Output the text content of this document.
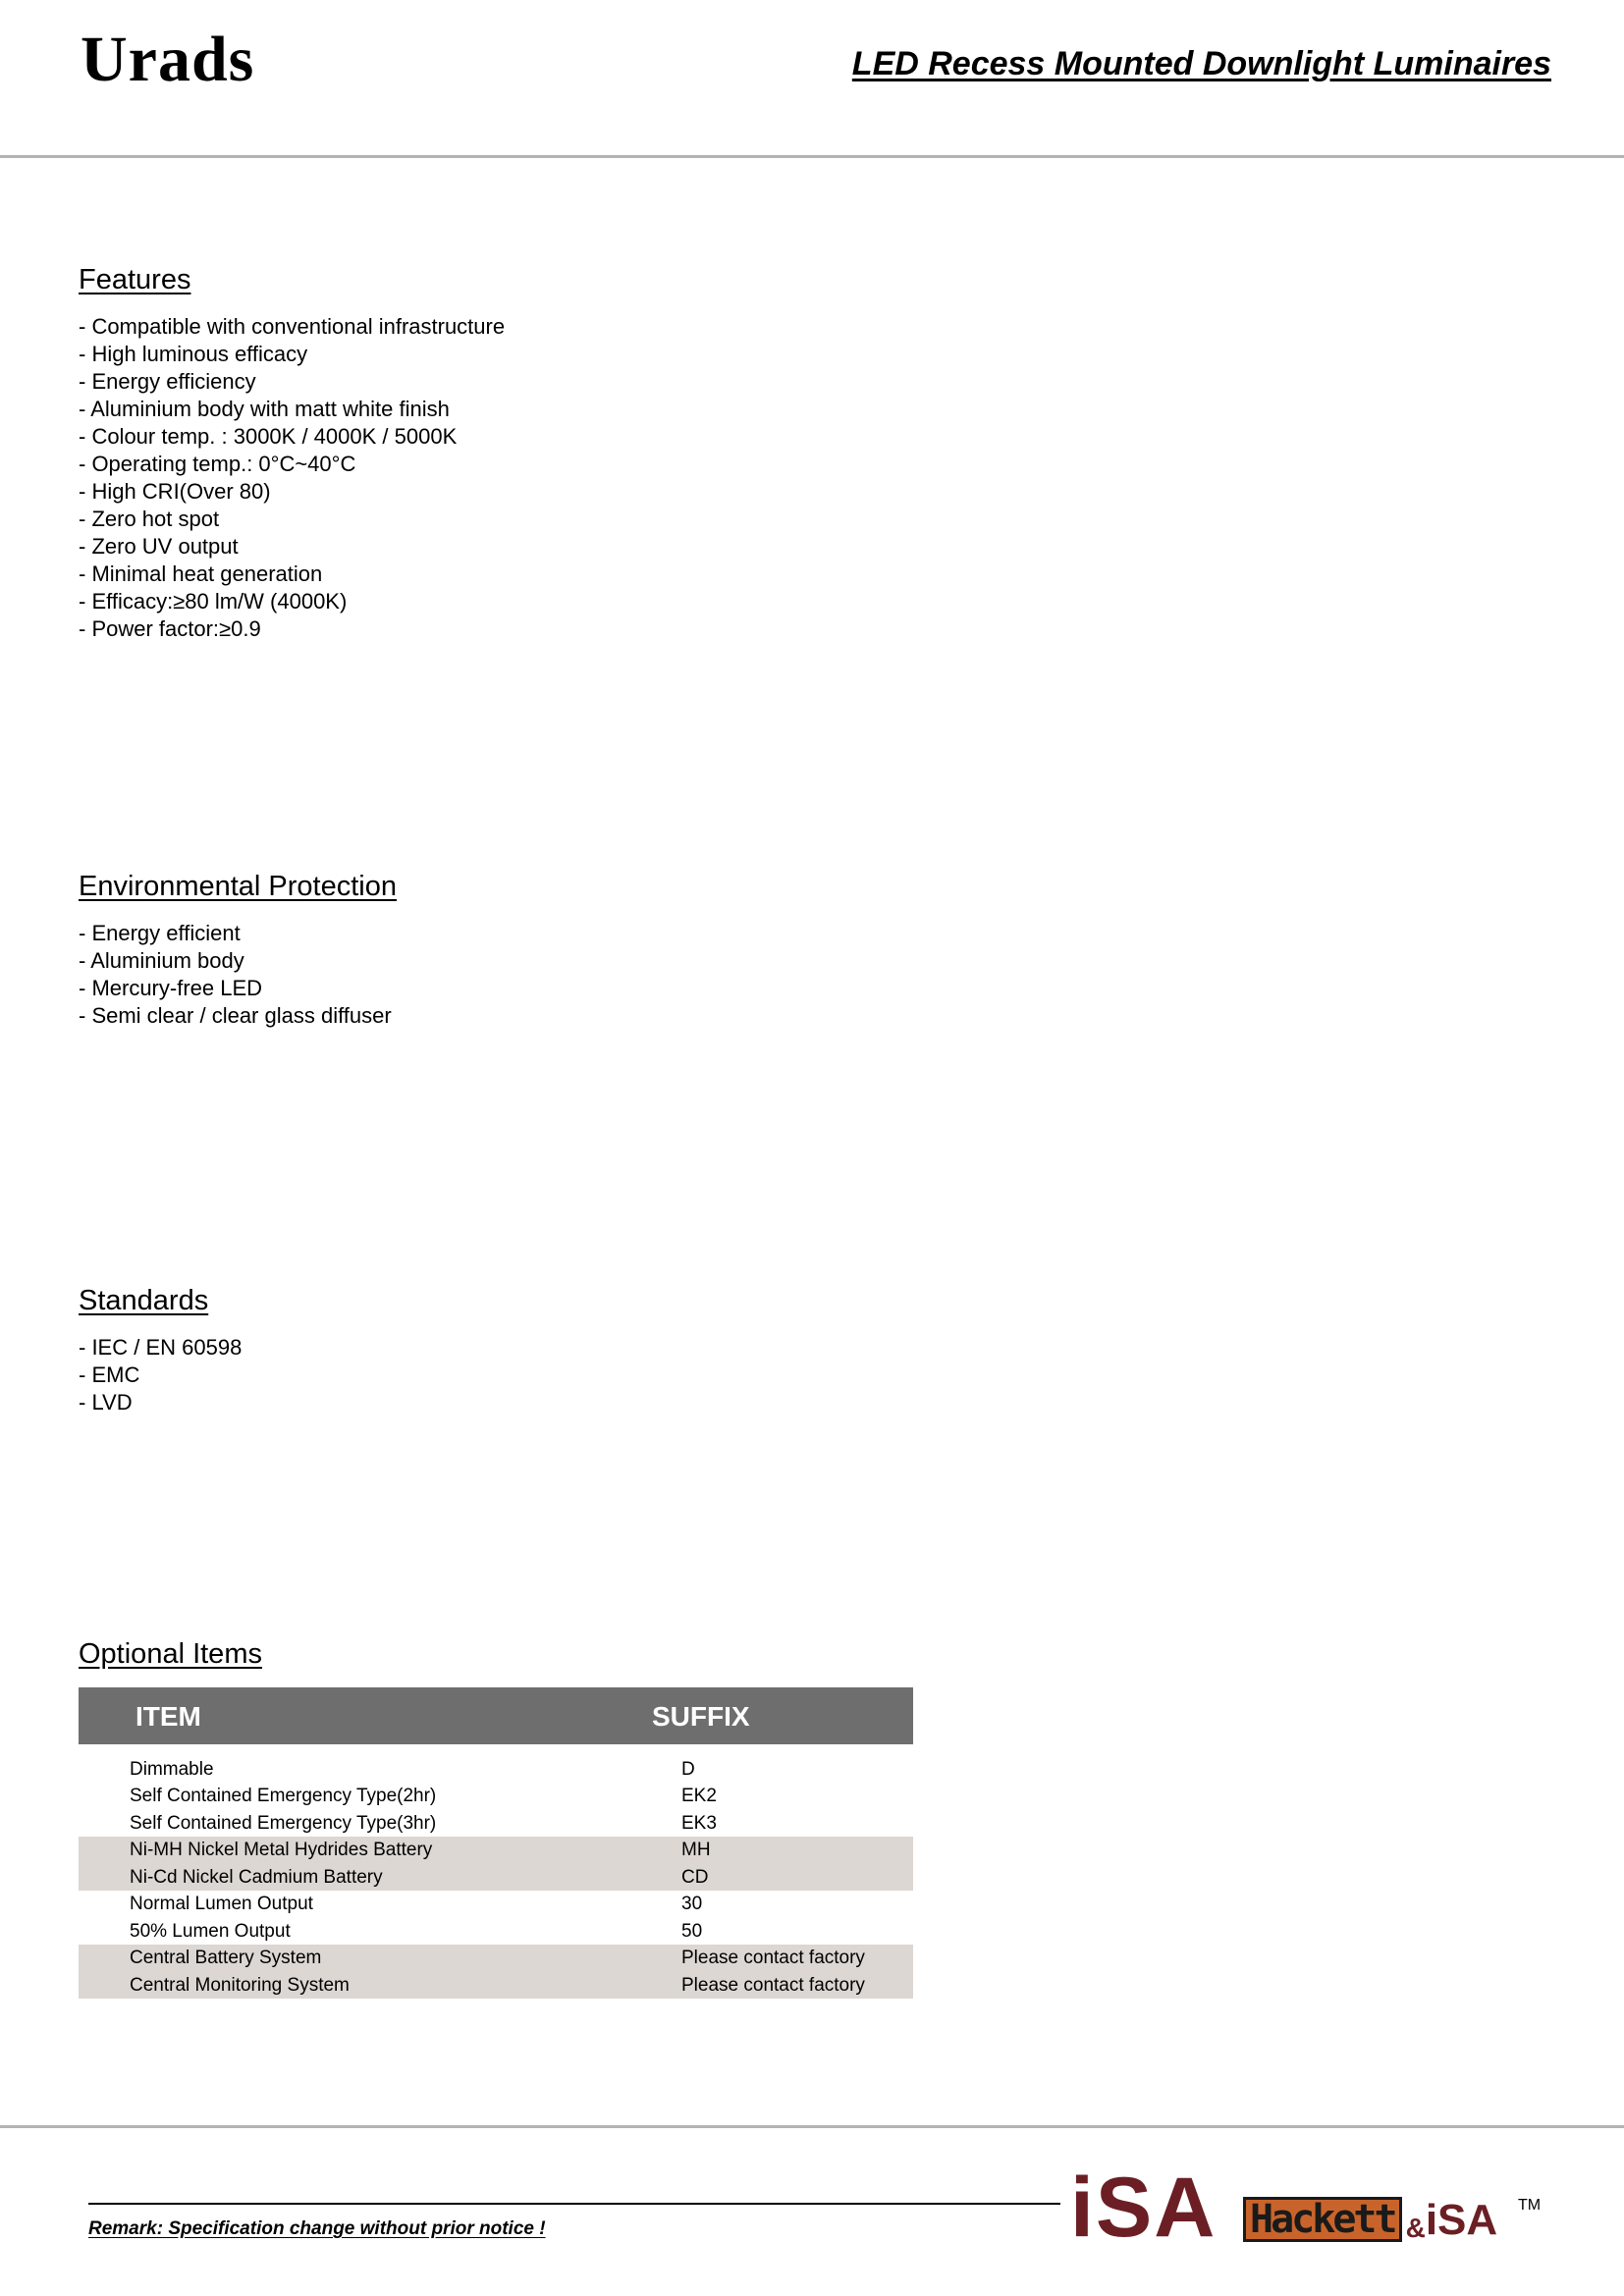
Urads	LED Recess Mounted Downlight Luminaires
Features
- Compatible with conventional infrastructure
- High luminous efficacy
- Energy efficiency
- Aluminium body with matt white finish
- Colour temp. : 3000K / 4000K / 5000K
- Operating temp.: 0°C~40°C
- High CRI(Over 80)
- Zero hot spot
- Zero UV output
- Minimal heat generation
- Efficacy:≥80 lm/W (4000K)
- Power factor:≥0.9
Environmental Protection
- Energy efficient
- Aluminium body
- Mercury-free LED
- Semi clear / clear glass diffuser
Standards
- IEC / EN 60598
- EMC
- LVD
Optional Items
ITEM	SUFFIX
Dimmable	D
Self Contained Emergency Type(2hr)	EK2
Self Contained Emergency Type(3hr)	EK3
Ni-MH Nickel Metal Hydrides Battery	MH
Ni-Cd Nickel Cadmium Battery	CD
Normal Lumen Output	30
50% Lumen Output	50
Central Battery System	Please contact factory
Central Monitoring System	Please contact factory
Remark: Specification change without prior notice !	iSA Hackett & iSA TM
